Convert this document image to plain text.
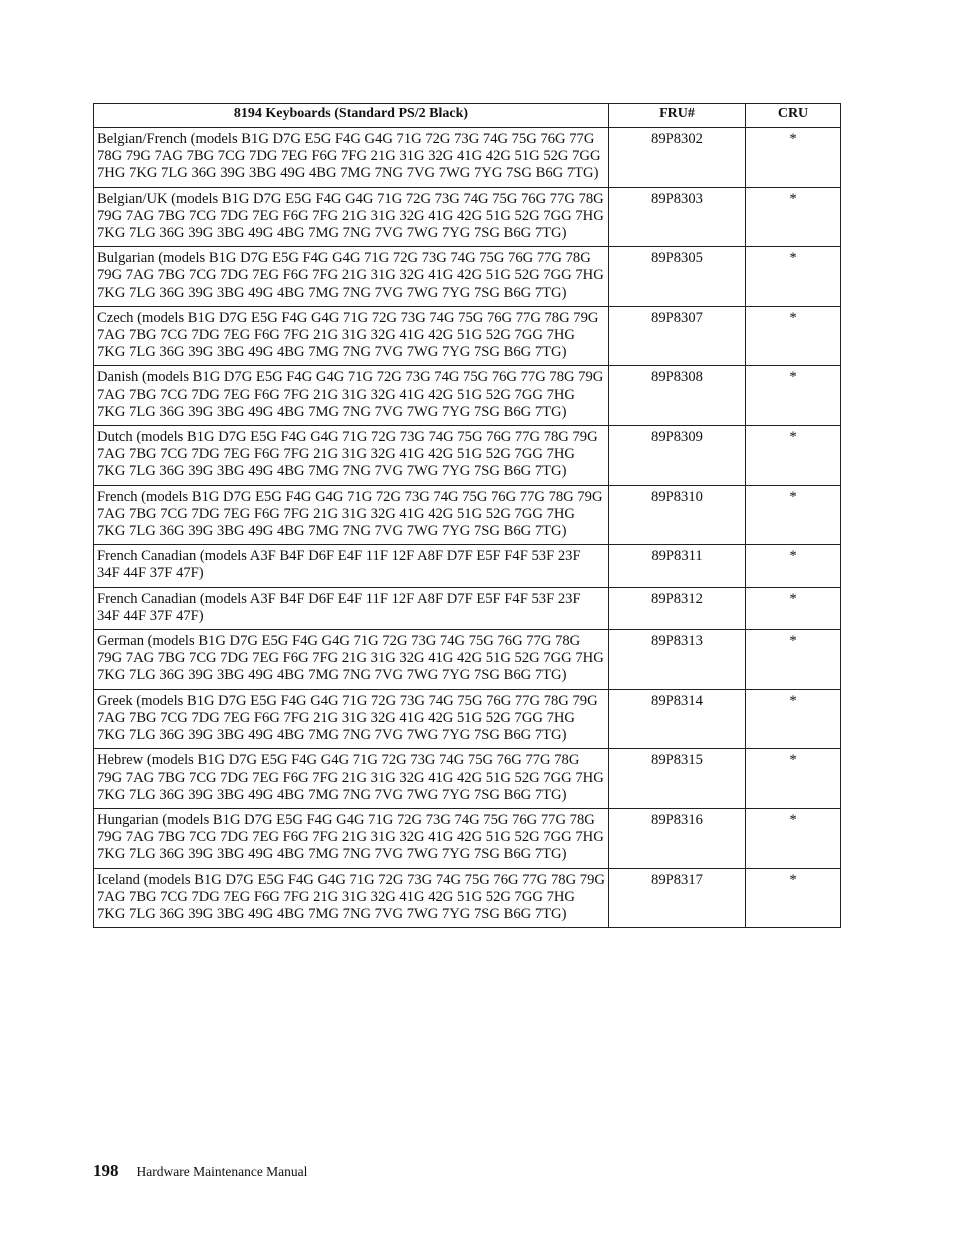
8194 Keyboards (Standard PS/2 Black)	FRU#	CRU
Belgian/French (models B1G D7G E5G F4G G4G 71G 72G 73G 74G 75G 76G 77G 78G 79G 7AG 7BG 7CG 7DG 7EG F6G 7FG 21G 31G 32G 41G 42G 51G 52G 7GG 7HG 7KG 7LG 36G 39G 3BG 49G 4BG 7MG 7NG 7VG 7WG 7YG 7SG B6G 7TG)	89P8302	*
Belgian/UK (models B1G D7G E5G F4G G4G 71G 72G 73G 74G 75G 76G 77G 78G 79G 7AG 7BG 7CG 7DG 7EG F6G 7FG 21G 31G 32G 41G 42G 51G 52G 7GG 7HG 7KG 7LG 36G 39G 3BG 49G 4BG 7MG 7NG 7VG 7WG 7YG 7SG B6G 7TG)	89P8303	*
Bulgarian (models B1G D7G E5G F4G G4G 71G 72G 73G 74G 75G 76G 77G 78G 79G 7AG 7BG 7CG 7DG 7EG F6G 7FG 21G 31G 32G 41G 42G 51G 52G 7GG 7HG 7KG 7LG 36G 39G 3BG 49G 4BG 7MG 7NG 7VG 7WG 7YG 7SG B6G 7TG)	89P8305	*
Czech (models B1G D7G E5G F4G G4G 71G 72G 73G 74G 75G 76G 77G 78G 79G 7AG 7BG 7CG 7DG 7EG F6G 7FG 21G 31G 32G 41G 42G 51G 52G 7GG 7HG 7KG 7LG 36G 39G 3BG 49G 4BG 7MG 7NG 7VG 7WG 7YG 7SG B6G 7TG)	89P8307	*
Danish (models B1G D7G E5G F4G G4G 71G 72G 73G 74G 75G 76G 77G 78G 79G 7AG 7BG 7CG 7DG 7EG F6G 7FG 21G 31G 32G 41G 42G 51G 52G 7GG 7HG 7KG 7LG 36G 39G 3BG 49G 4BG 7MG 7NG 7VG 7WG 7YG 7SG B6G 7TG)	89P8308	*
Dutch (models B1G D7G E5G F4G G4G 71G 72G 73G 74G 75G 76G 77G 78G 79G 7AG 7BG 7CG 7DG 7EG F6G 7FG 21G 31G 32G 41G 42G 51G 52G 7GG 7HG 7KG 7LG 36G 39G 3BG 49G 4BG 7MG 7NG 7VG 7WG 7YG 7SG B6G 7TG)	89P8309	*
French (models B1G D7G E5G F4G G4G 71G 72G 73G 74G 75G 76G 77G 78G 79G 7AG 7BG 7CG 7DG 7EG F6G 7FG 21G 31G 32G 41G 42G 51G 52G 7GG 7HG 7KG 7LG 36G 39G 3BG 49G 4BG 7MG 7NG 7VG 7WG 7YG 7SG B6G 7TG)	89P8310	*
French Canadian (models A3F B4F D6F E4F 11F 12F A8F D7F E5F F4F 53F 23F 34F 44F 37F 47F)	89P8311	*
French Canadian (models A3F B4F D6F E4F 11F 12F A8F D7F E5F F4F 53F 23F 34F 44F 37F 47F)	89P8312	*
German (models B1G D7G E5G F4G G4G 71G 72G 73G 74G 75G 76G 77G 78G 79G 7AG 7BG 7CG 7DG 7EG F6G 7FG 21G 31G 32G 41G 42G 51G 52G 7GG 7HG 7KG 7LG 36G 39G 3BG 49G 4BG 7MG 7NG 7VG 7WG 7YG 7SG B6G 7TG)	89P8313	*
Greek (models B1G D7G E5G F4G G4G 71G 72G 73G 74G 75G 76G 77G 78G 79G 7AG 7BG 7CG 7DG 7EG F6G 7FG 21G 31G 32G 41G 42G 51G 52G 7GG 7HG 7KG 7LG 36G 39G 3BG 49G 4BG 7MG 7NG 7VG 7WG 7YG 7SG B6G 7TG)	89P8314	*
Hebrew (models B1G D7G E5G F4G G4G 71G 72G 73G 74G 75G 76G 77G 78G 79G 7AG 7BG 7CG 7DG 7EG F6G 7FG 21G 31G 32G 41G 42G 51G 52G 7GG 7HG 7KG 7LG 36G 39G 3BG 49G 4BG 7MG 7NG 7VG 7WG 7YG 7SG B6G 7TG)	89P8315	*
Hungarian (models B1G D7G E5G F4G G4G 71G 72G 73G 74G 75G 76G 77G 78G 79G 7AG 7BG 7CG 7DG 7EG F6G 7FG 21G 31G 32G 41G 42G 51G 52G 7GG 7HG 7KG 7LG 36G 39G 3BG 49G 4BG 7MG 7NG 7VG 7WG 7YG 7SG B6G 7TG)	89P8316	*
Iceland (models B1G D7G E5G F4G G4G 71G 72G 73G 74G 75G 76G 77G 78G 79G 7AG 7BG 7CG 7DG 7EG F6G 7FG 21G 31G 32G 41G 42G 51G 52G 7GG 7HG 7KG 7LG 36G 39G 3BG 49G 4BG 7MG 7NG 7VG 7WG 7YG 7SG B6G 7TG)	89P8317	*
198 Hardware Maintenance Manual
